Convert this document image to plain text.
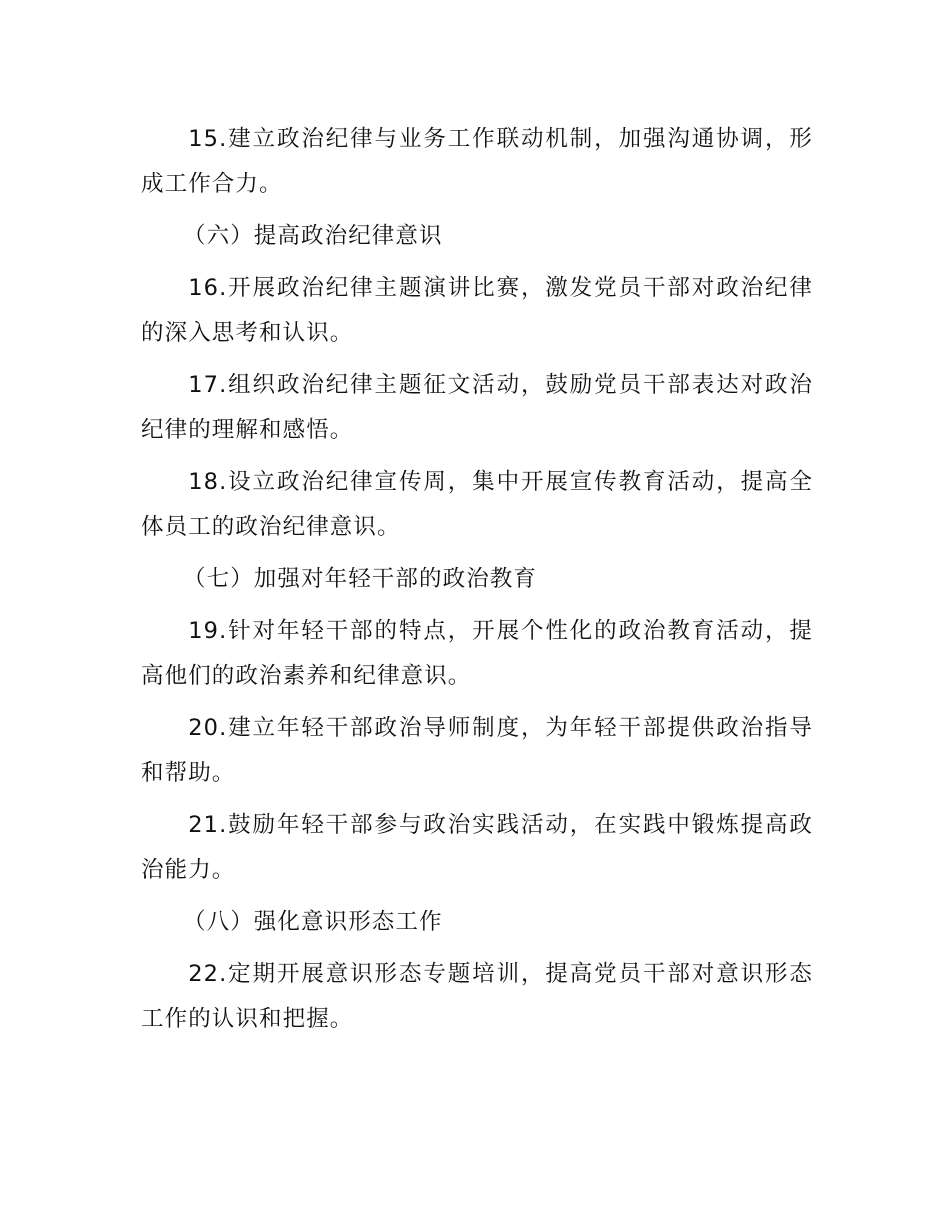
15.建立政治纪律与业务工作联动机制，加强沟通协调，形成工作合力。

（六）提高政治纪律意识

16.开展政治纪律主题演讲比赛，激发党员干部对政治纪律的深入思考和认识。

17.组织政治纪律主题征文活动，鼓励党员干部表达对政治纪律的理解和感悟。

18.设立政治纪律宣传周，集中开展宣传教育活动，提高全体员工的政治纪律意识。

（七）加强对年轻干部的政治教育

19.针对年轻干部的特点，开展个性化的政治教育活动，提高他们的政治素养和纪律意识。

20.建立年轻干部政治导师制度，为年轻干部提供政治指导和帮助。

21.鼓励年轻干部参与政治实践活动，在实践中锻炼提高政治能力。

（八）强化意识形态工作

22.定期开展意识形态专题培训，提高党员干部对意识形态工作的认识和把握。
